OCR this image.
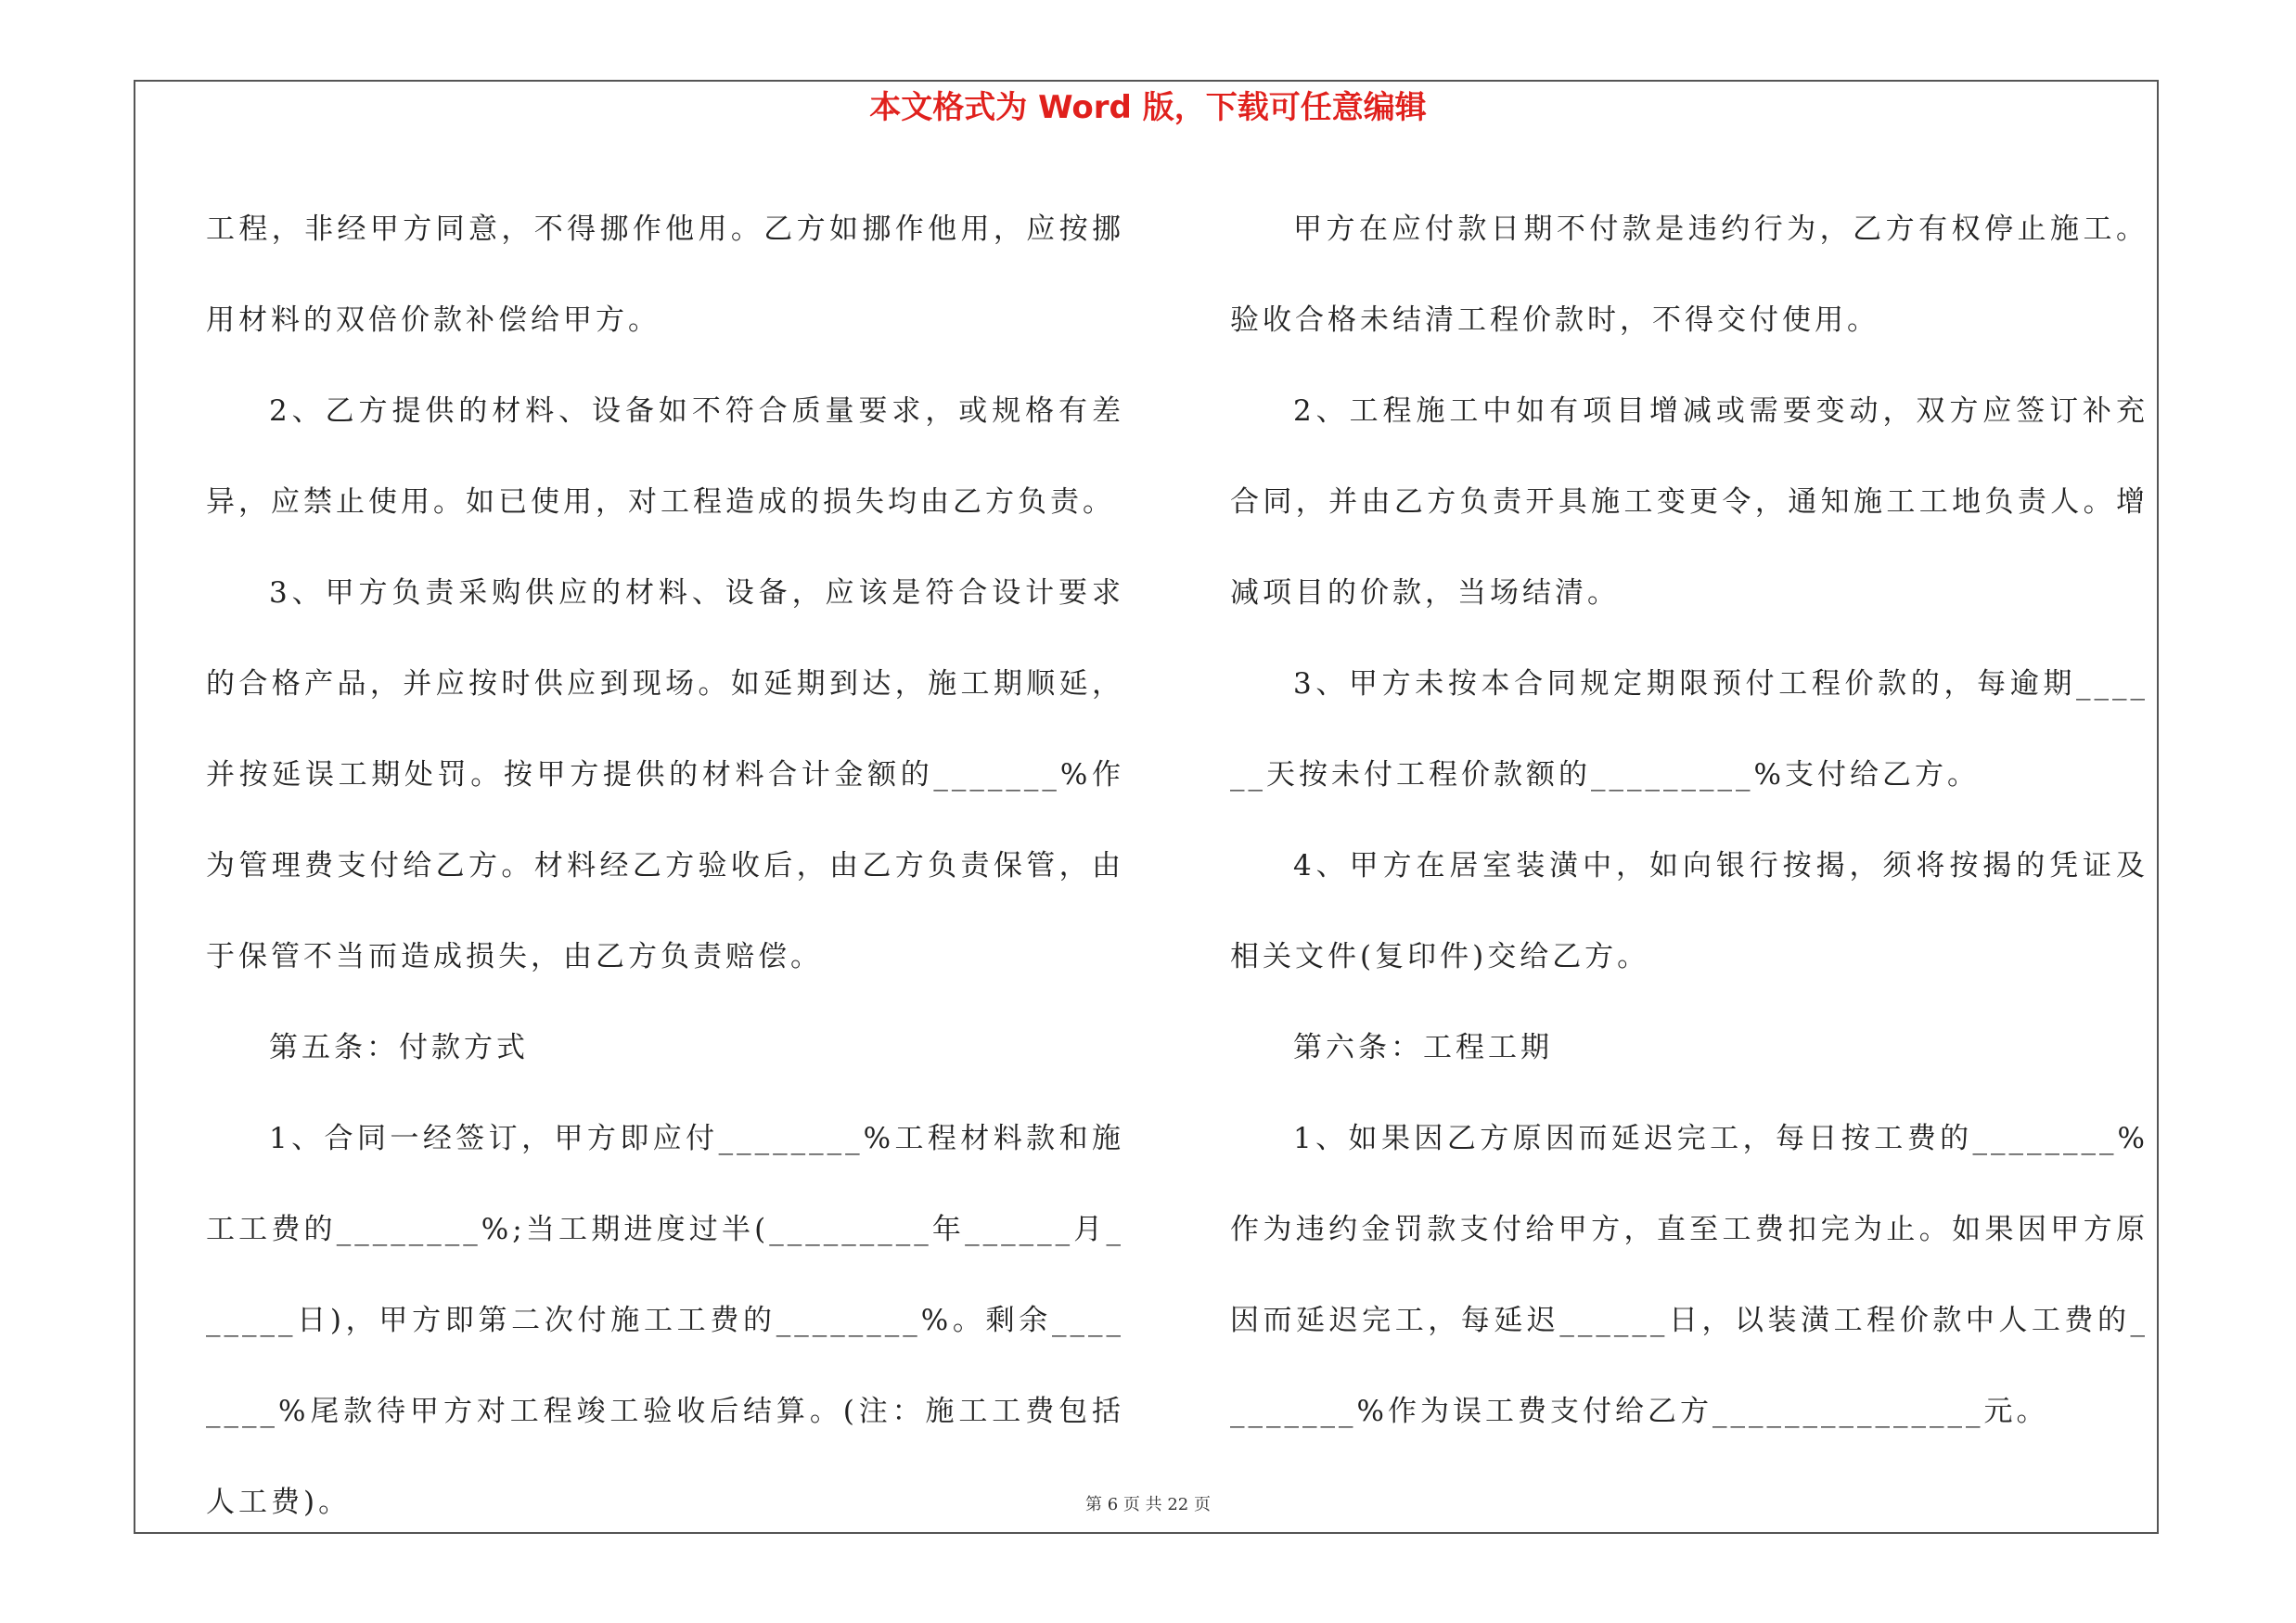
本文格式为 Word 版，下载可任意编辑

工程，非经甲方同意，不得挪作他用。乙方如挪作他用，应按挪用材料的双倍价款补偿给甲方。

2、乙方提供的材料、设备如不符合质量要求，或规格有差异，应禁止使用。如已使用，对工程造成的损失均由乙方负责。

3、甲方负责采购供应的材料、设备，应该是符合设计要求的合格产品，并应按时供应到现场。如延期到达，施工期顺延，并按延误工期处罚。按甲方提供的材料合计金额的_______%作为管理费支付给乙方。材料经乙方验收后，由乙方负责保管，由于保管不当而造成损失，由乙方负责赔偿。

第五条：付款方式

1、合同一经签订，甲方即应付________%工程材料款和施工工费的________%;当工期进度过半(_________年______月______日)，甲方即第二次付施工工费的________%。剩余________%尾款待甲方对工程竣工验收后结算。(注：施工工费包括人工费)。

甲方在应付款日期不付款是违约行为，乙方有权停止施工。验收合格未结清工程价款时，不得交付使用。

2、工程施工中如有项目增减或需要变动，双方应签订补充合同，并由乙方负责开具施工变更令，通知施工工地负责人。增减项目的价款，当场结清。

3、甲方未按本合同规定期限预付工程价款的，每逾期______天按未付工程价款额的_________%支付给乙方。

4、甲方在居室装潢中，如向银行按揭，须将按揭的凭证及相关文件(复印件)交给乙方。

第六条：工程工期

1、如果因乙方原因而延迟完工，每日按工费的________%作为违约金罚款支付给甲方，直至工费扣完为止。如果因甲方原因而延迟完工，每延迟______日，以装潢工程价款中人工费的________%作为误工费支付给乙方_______________元。

第 6 页 共 22 页
